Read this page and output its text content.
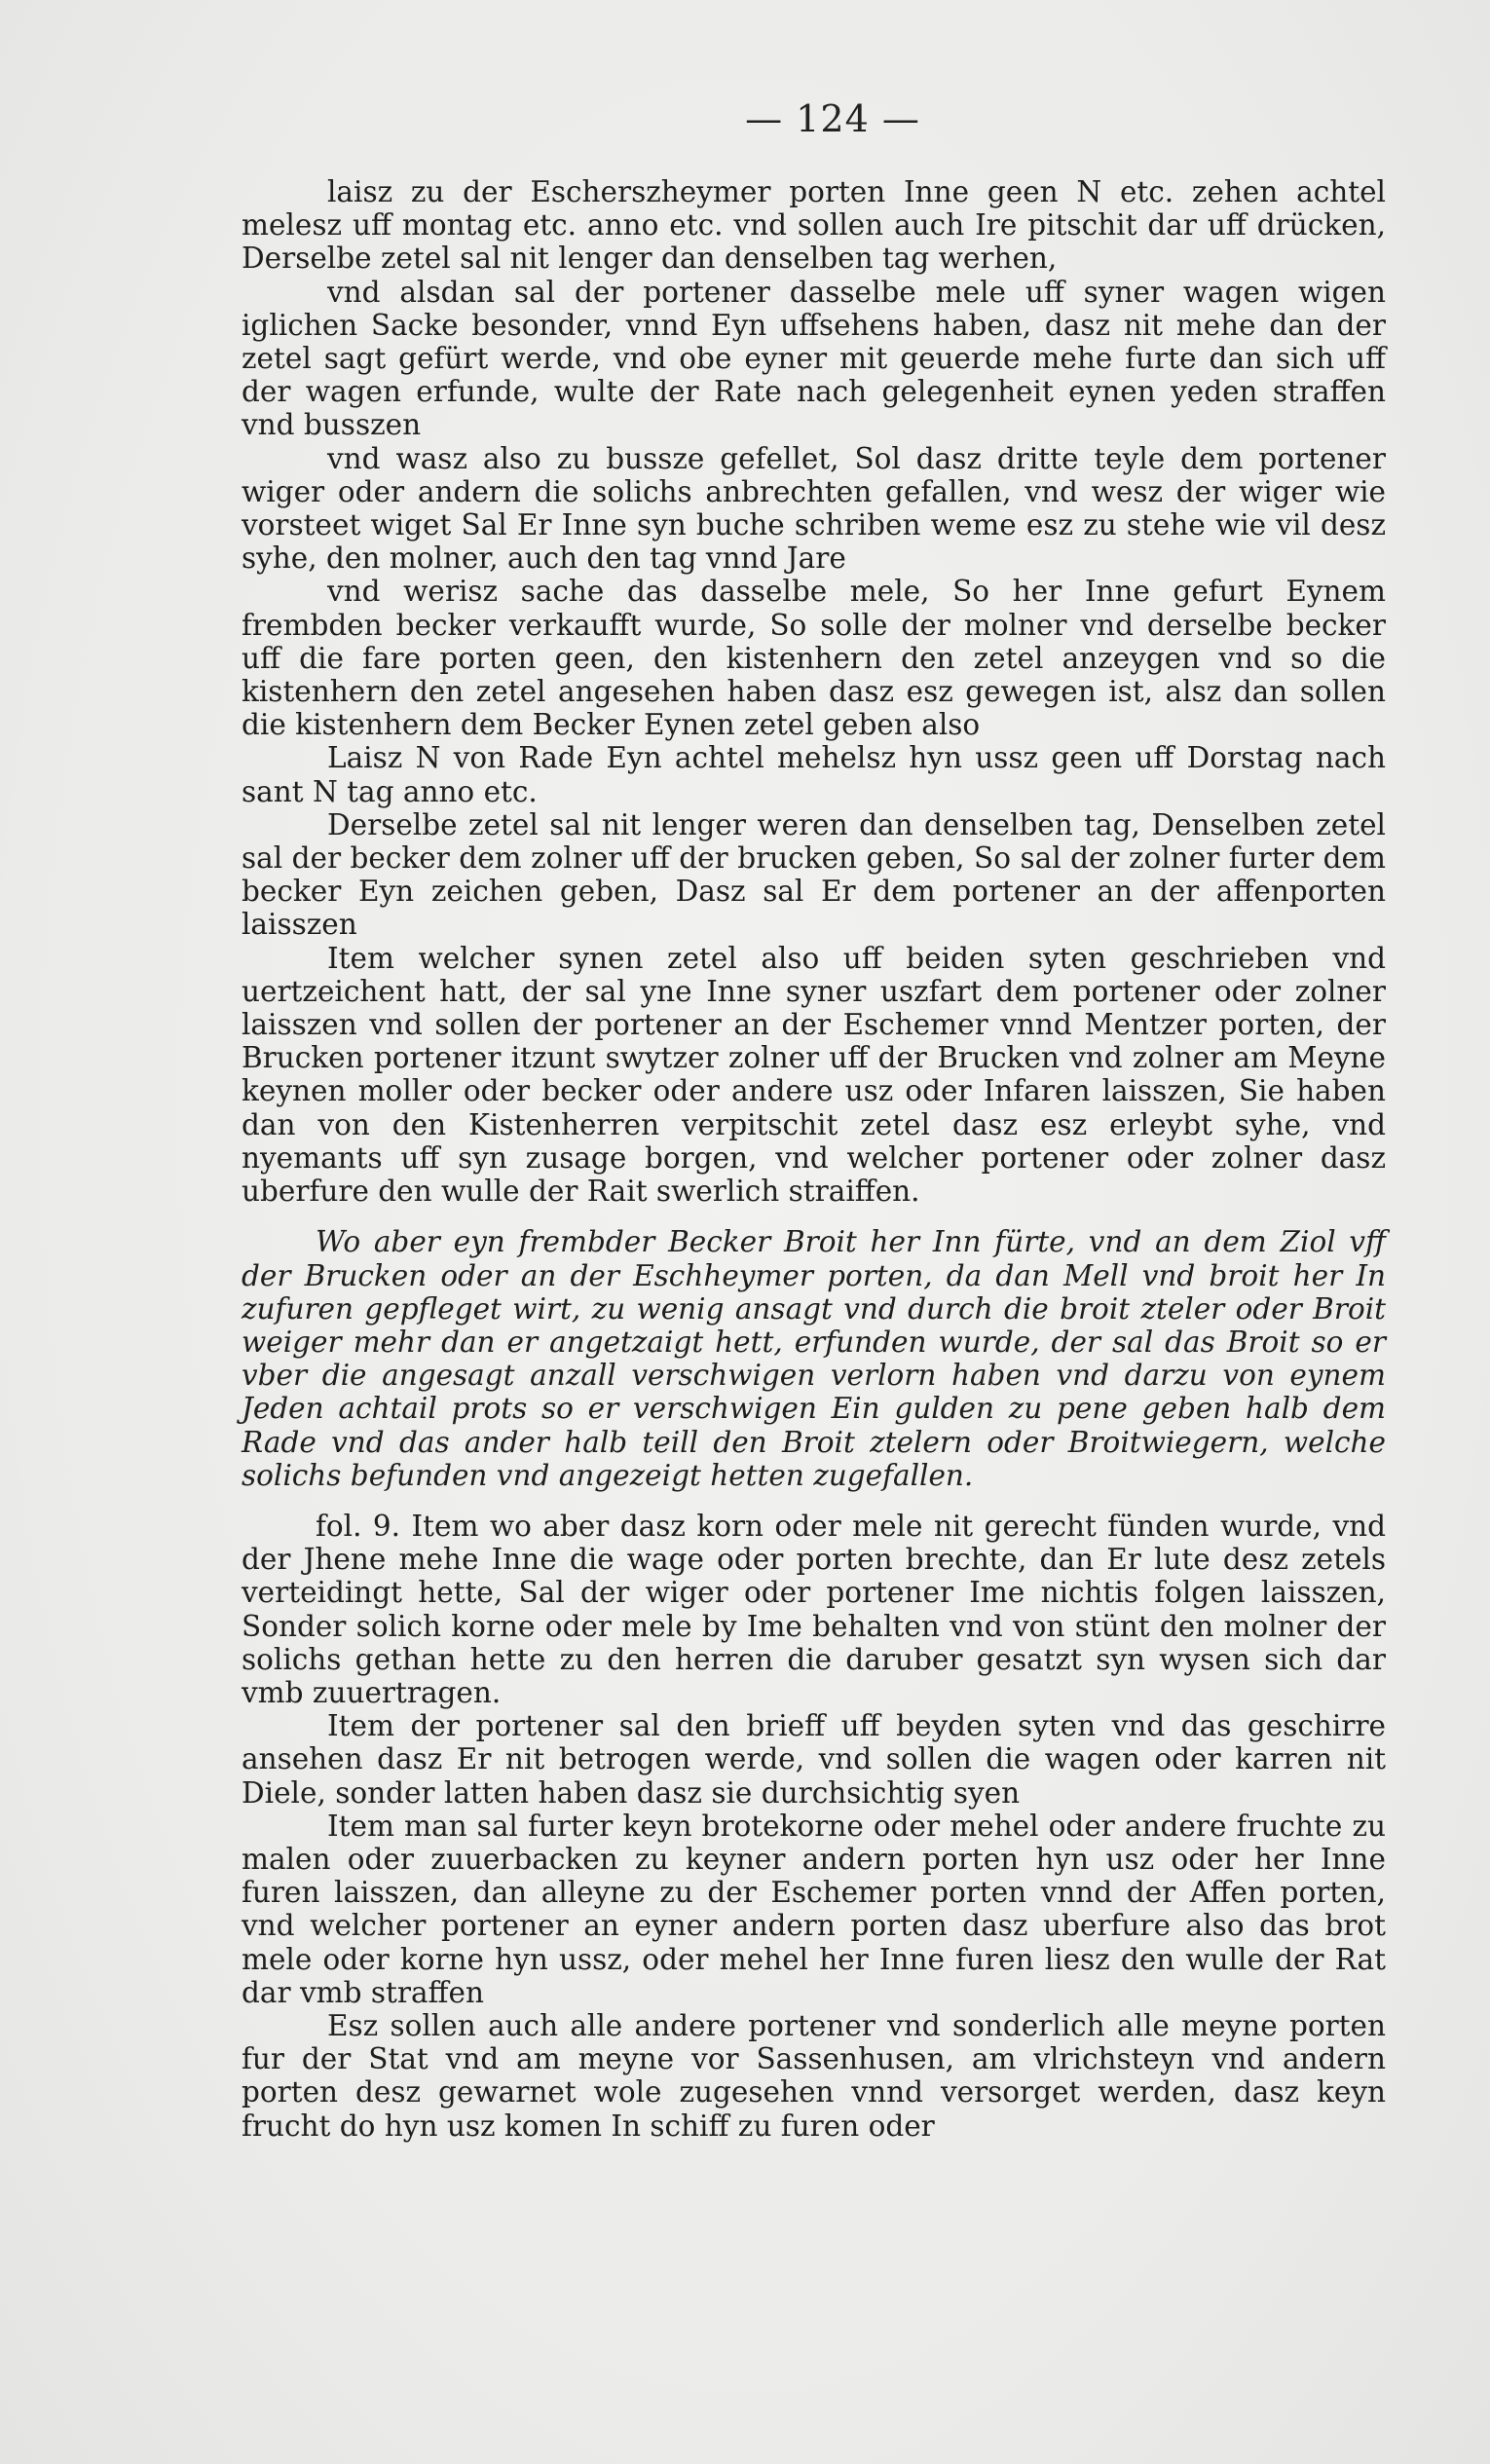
— 124 —

laisz zu der Escherszheymer porten Inne geen N etc. zehen achtel melesz uff montag etc. anno etc. vnd sollen auch Ire pitschit dar uff drücken, Derselbe zetel sal nit lenger dan denselben tag werhen,

vnd alsdan sal der portener dasselbe mele uff syner wagen wigen iglichen Sacke besonder, vnnd Eyn uffsehens haben, dasz nit mehe dan der zetel sagt gefürt werde, vnd obe eyner mit geuerde mehe furte dan sich uff der wagen erfunde, wulte der Rate nach gelegenheit eynen yeden straffen vnd busszen

vnd wasz also zu bussze gefellet, Sol dasz dritte teyle dem portener wiger oder andern die solichs anbrechten gefallen, vnd wesz der wiger wie vorsteet wiget Sal Er Inne syn buche schriben weme esz zu stehe wie vil desz syhe, den molner, auch den tag vnnd Jare

vnd werisz sache das dasselbe mele, So her Inne gefurt Eynem frembden becker verkaufft wurde, So solle der molner vnd derselbe becker uff die fare porten geen, den kistenhern den zetel anzeygen vnd so die kistenhern den zetel angesehen haben dasz esz gewegen ist, alsz dan sollen die kistenhern dem Becker Eynen zetel geben also

Laisz N von Rade Eyn achtel mehelsz hyn ussz geen uff Dorstag nach sant N tag anno etc.

Derselbe zetel sal nit lenger weren dan denselben tag, Denselben zetel sal der becker dem zolner uff der brucken geben, So sal der zolner furter dem becker Eyn zeichen geben, Dasz sal Er dem portener an der affenporten laisszen

Item welcher synen zetel also uff beiden syten geschrieben vnd uertzeichent hatt, der sal yne Inne syner uszfart dem portener oder zolner laisszen vnd sollen der portener an der Eschemer vnnd Mentzer porten, der Brucken portener itzunt swytzer zolner uff der Brucken vnd zolner am Meyne keynen moller oder becker oder andere usz oder Infaren laisszen, Sie haben dan von den Kistenherren verpitschit zetel dasz esz erleybt syhe, vnd nyemants uff syn zusage borgen, vnd welcher portener oder zolner dasz uberfure den wulle der Rait swerlich straiffen.

Wo aber eyn frembder Becker Broit her Inn fürte, vnd an dem Ziol vff der Brucken oder an der Eschheymer porten, da dan Mell vnd broit her In zufuren gepfleget wirt, zu wenig ansagt vnd durch die broit zteler oder Broit weiger mehr dan er angetzaigt hett, erfunden wurde, der sal das Broit so er vber die angesagt anzall verschwigen verlorn haben vnd darzu von eynem Jeden achtail prots so er verschwigen Ein gulden zu pene geben halb dem Rade vnd das ander halb teill den Broit ztelern oder Broitwiegern, welche solichs befunden vnd angezeigt hetten zugefallen.

fol. 9. Item wo aber dasz korn oder mele nit gerecht fünden wurde, vnd der Jhene mehe Inne die wage oder porten brechte, dan Er lute desz zetels verteidingt hette, Sal der wiger oder portener Ime nichtis folgen laisszen, Sonder solich korne oder mele by Ime behalten vnd von stünt den molner der solichs gethan hette zu den herren die daruber gesatzt syn wysen sich dar vmb zuuertragen.

Item der portener sal den brieff uff beyden syten vnd das geschirre ansehen dasz Er nit betrogen werde, vnd sollen die wagen oder karren nit Diele, sonder latten haben dasz sie durchsichtig syen

Item man sal furter keyn brotekorne oder mehel oder andere fruchte zu malen oder zuuerbacken zu keyner andern porten hyn usz oder her Inne furen laisszen, dan alleyne zu der Eschemer porten vnnd der Affen porten, vnd welcher portener an eyner andern porten dasz uberfure also das brot mele oder korne hyn ussz, oder mehel her Inne furen liesz den wulle der Rat dar vmb straffen

Esz sollen auch alle andere portener vnd sonderlich alle meyne porten fur der Stat vnd am meyne vor Sassenhusen, am vlrichsteyn vnd andern porten desz gewarnet wole zugesehen vnnd versorget werden, dasz keyn frucht do hyn usz komen In schiff zu furen oder
